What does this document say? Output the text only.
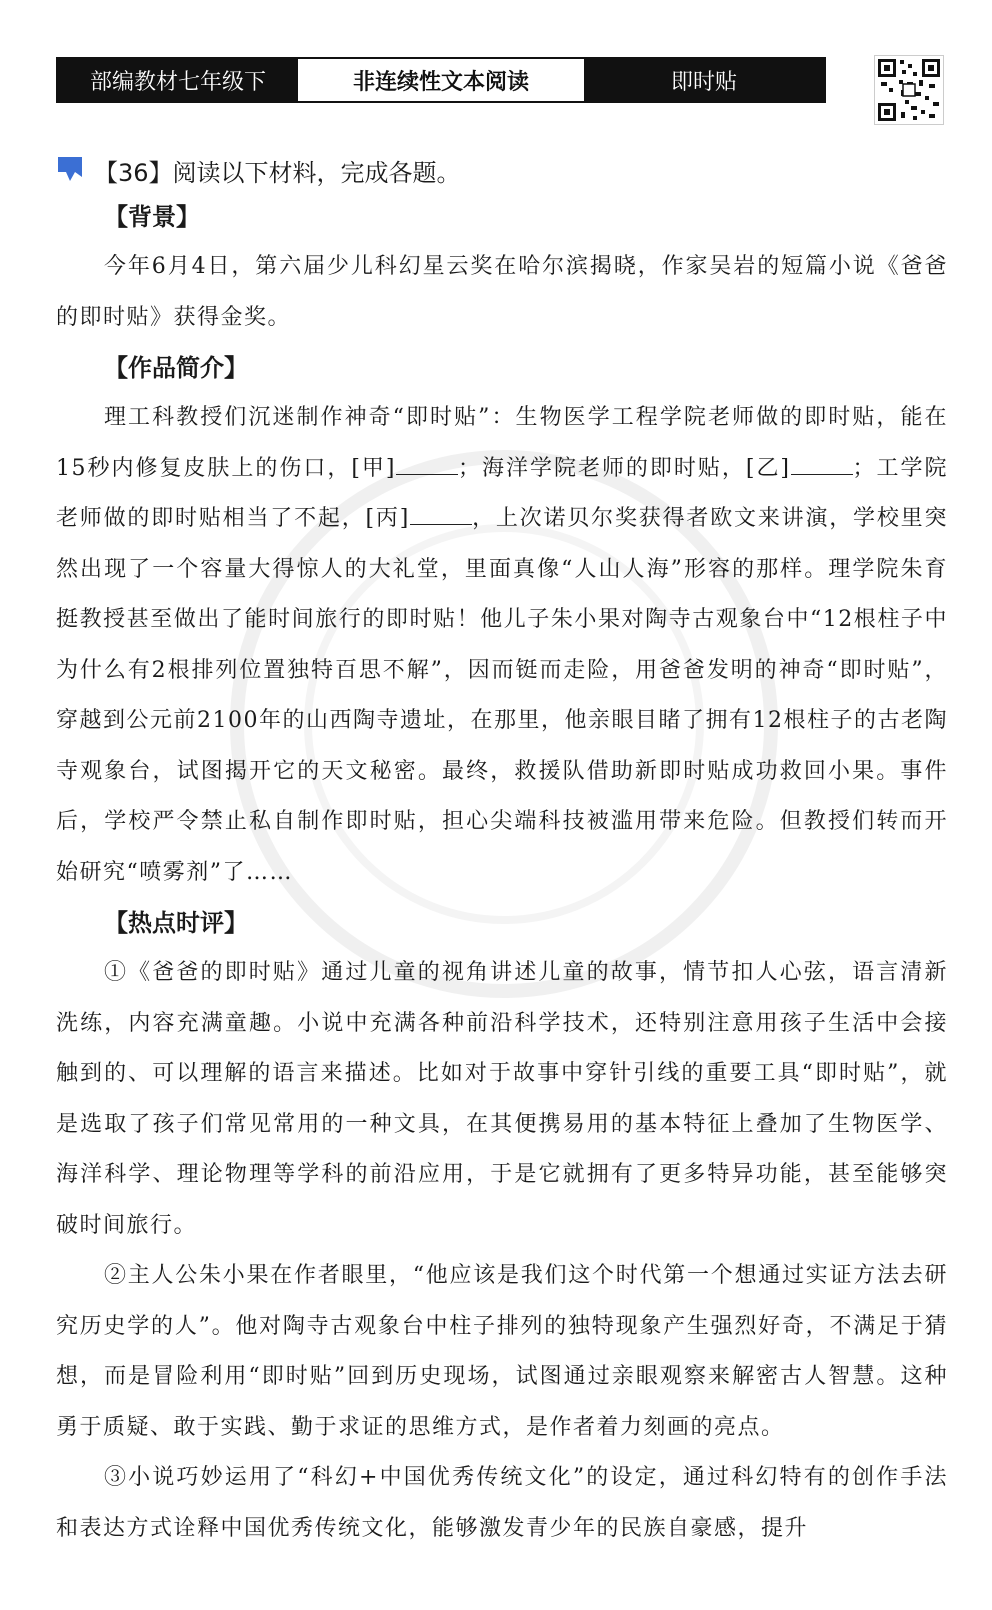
部编教材七年级下	非连续性文本阅读	即时贴
【36】阅读以下材料，完成各题。
【背景】

今年6月4日，第六届少儿科幻星云奖在哈尔滨揭晓，作家吴岩的短篇小说《爸爸的即时贴》获得金奖。

【作品简介】

理工科教授们沉迷制作神奇“即时贴”：生物医学工程学院老师做的即时贴，能在15秒内修复皮肤上的伤口，[甲]	；海洋学院老师的即时贴，[乙]	；工学院老师做的即时贴相当了不起，[丙]	，上次诺贝尔奖获得者欧文来讲演，学校里突然出现了一个容量大得惊人的大礼堂，里面真像“人山人海”形容的那样。理学院朱育挺教授甚至做出了能时间旅行的即时贴！他儿子朱小果对陶寺古观象台中“12根柱子中为什么有2根排列位置独特百思不解”，因而铤而走险，用爸爸发明的神奇“即时贴”，穿越到公元前2100年的山西陶寺遗址，在那里，他亲眼目睹了拥有12根柱子的古老陶寺观象台，试图揭开它的天文秘密。最终，救援队借助新即时贴成功救回小果。事件后，学校严令禁止私自制作即时贴，担心尖端科技被滥用带来危险。但教授们转而开始研究“喷雾剂”了……

【热点时评】

①《爸爸的即时贴》通过儿童的视角讲述儿童的故事，情节扣人心弦，语言清新洗练，内容充满童趣。小说中充满各种前沿科学技术，还特别注意用孩子生活中会接触到的、可以理解的语言来描述。比如对于故事中穿针引线的重要工具“即时贴”，就是选取了孩子们常见常用的一种文具，在其便携易用的基本特征上叠加了生物医学、海洋科学、理论物理等学科的前沿应用，于是它就拥有了更多特异功能，甚至能够突破时间旅行。

②主人公朱小果在作者眼里，“他应该是我们这个时代第一个想通过实证方法去研究历史学的人”。他对陶寺古观象台中柱子排列的独特现象产生强烈好奇，不满足于猜想，而是冒险利用“即时贴”回到历史现场，试图通过亲眼观察来解密古人智慧。这种勇于质疑、敢于实践、勤于求证的思维方式，是作者着力刻画的亮点。

③小说巧妙运用了“科幻+中国优秀传统文化”的设定，通过科幻特有的创作手法和表达方式诠释中国优秀传统文化，能够激发青少年的民族自豪感，提升
